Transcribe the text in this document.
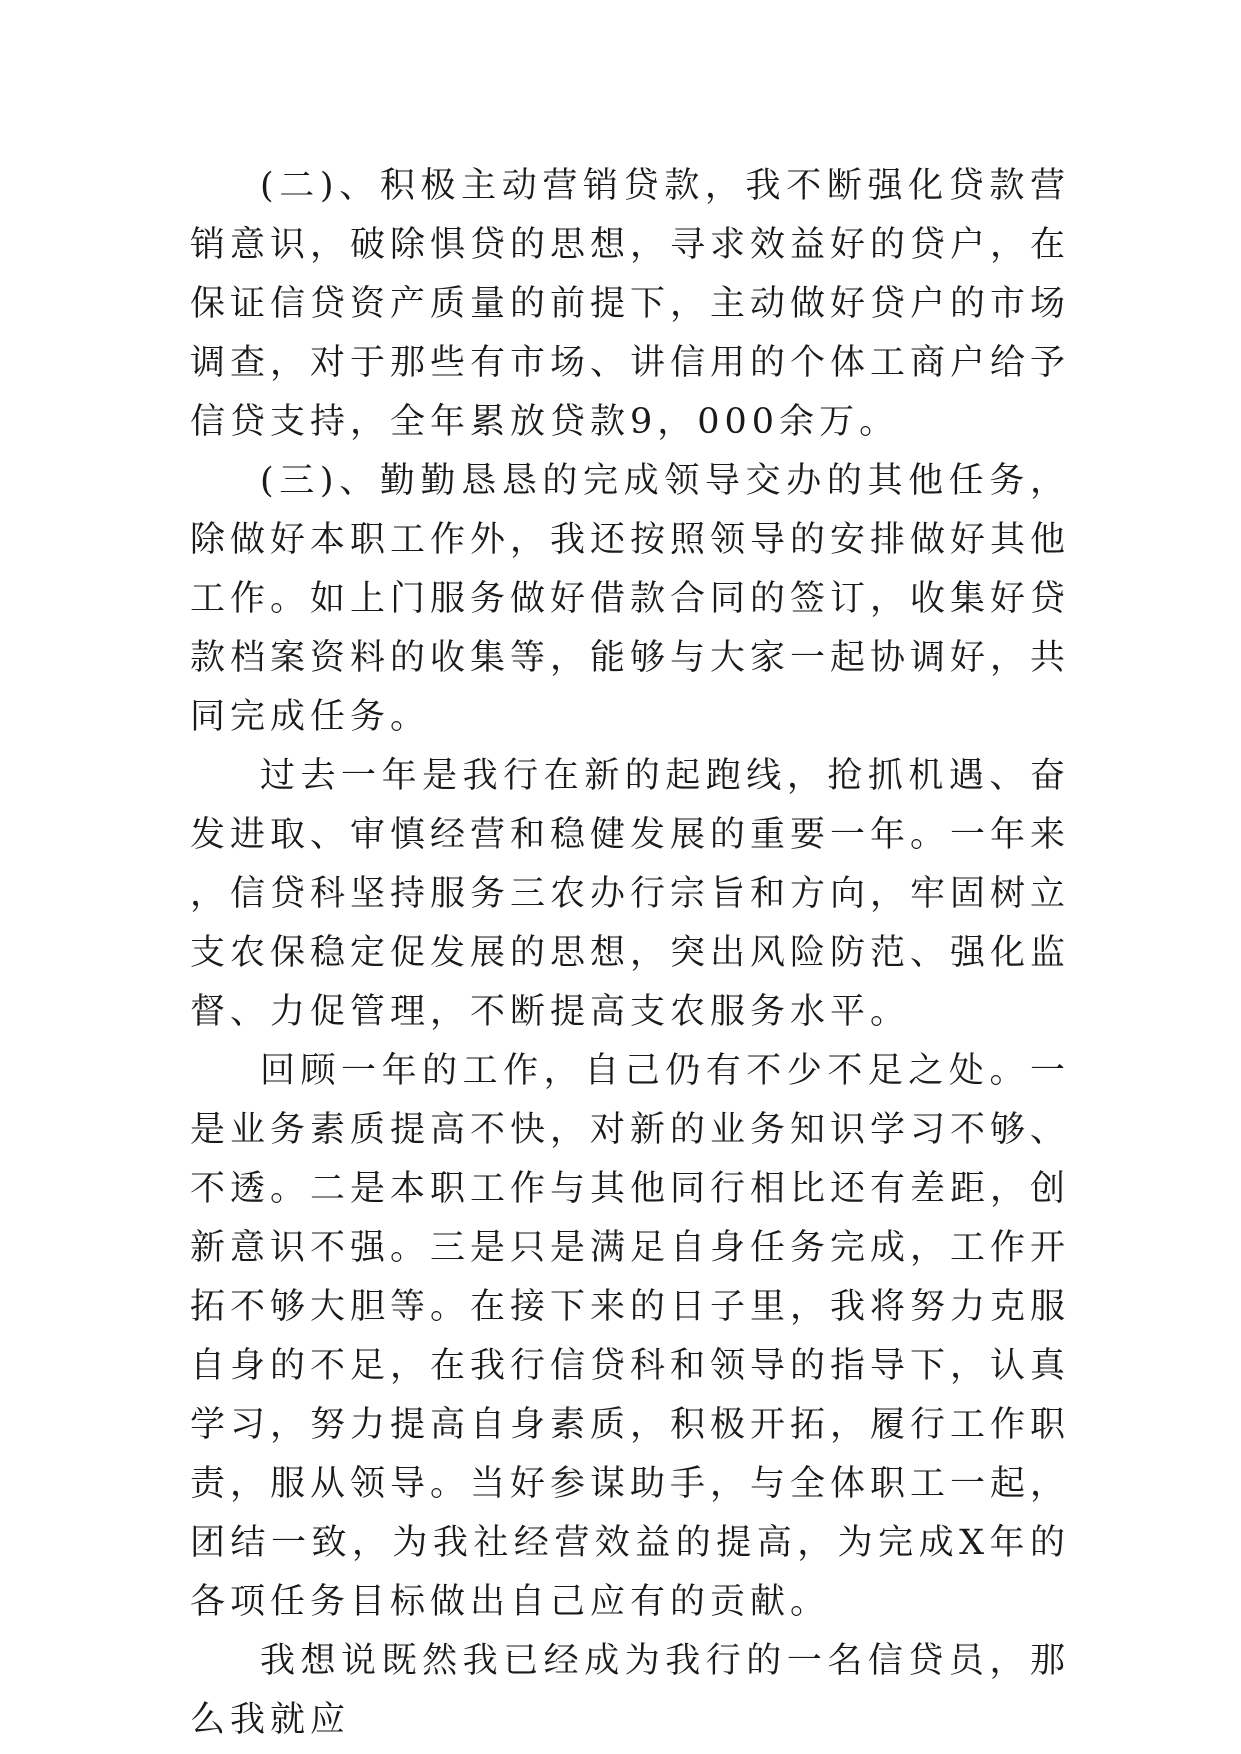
(二)、积极主动营销贷款，我不断强化贷款营销意识，破除惧贷的思想，寻求效益好的贷户，在保证信贷资产质量的前提下，主动做好贷户的市场调查，对于那些有市场、讲信用的个体工商户给予信贷支持，全年累放贷款9，000余万。

(三)、勤勤恳恳的完成领导交办的其他任务，除做好本职工作外，我还按照领导的安排做好其他工作。如上门服务做好借款合同的签订，收集好贷款档案资料的收集等，能够与大家一起协调好，共同完成任务。

过去一年是我行在新的起跑线，抢抓机遇、奋发进取、审慎经营和稳健发展的重要一年。一年来，信贷科坚持服务三农办行宗旨和方向，牢固树立支农保稳定促发展的思想，突出风险防范、强化监督、力促管理，不断提高支农服务水平。

回顾一年的工作，自己仍有不少不足之处。一是业务素质提高不快，对新的业务知识学习不够、不透。二是本职工作与其他同行相比还有差距，创新意识不强。三是只是满足自身任务完成，工作开拓不够大胆等。在接下来的日子里，我将努力克服自身的不足，在我行信贷科和领导的指导下，认真学习，努力提高自身素质，积极开拓，履行工作职责，服从领导。当好参谋助手，与全体职工一起，团结一致，为我社经营效益的提高，为完成X年的各项任务目标做出自己应有的贡献。

我想说既然我已经成为我行的一名信贷员，那么我就应
